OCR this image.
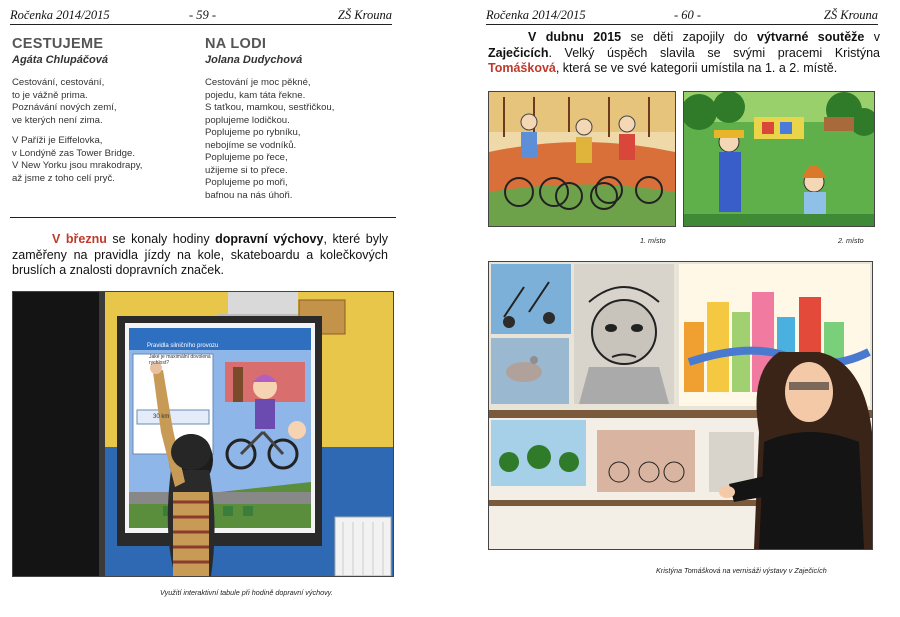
Ročenka 2014/2015	- 59 -	ZŠ Krouna
CESTUJEME
Agáta Chlupáčová
Cestování, cestování,
to je vážně prima.
Poznávání nových zemí,
ve kterých není zima.
V Paříži je Eiffelovka,
v Londýně zas Tower Bridge.
V New Yorku jsou mrakodrapy,
až jsme z toho celí pryč.
NA LODI
Jolana Dudychová
Cestování je moc pěkné,
pojedu, kam táta řekne.
S taťkou, mamkou, sestřičkou,
poplujeme lodičkou.
Poplujeme po rybníku,
nebojíme se vodníků.
Poplujeme po řece,
užijeme si to přece.
Poplujeme po moři,
bafnou na nás úhoři.
V březnu se konaly hodiny dopravní výchovy, které byly zaměřeny na pravidla jízdy na kole, skateboardu a kolečkových bruslích a znalosti dopravních značek.
Pravidla silničního provozu
Jaké je maximální dovolená rychlost?
30 km
Využití interaktivní tabule při hodině dopravní výchovy.
Ročenka 2014/2015	- 60 -	ZŠ Krouna
V dubnu 2015 se děti zapojily do výtvarné soutěže v Zaječicích. Velký úspěch slavila se svými pracemi Kristýna Tomášková, která se ve své kategorii umístila na 1. a 2. místě.
1. místo	2. místo
Kristýna Tomášková na vernisáži výstavy v Zaječicích
